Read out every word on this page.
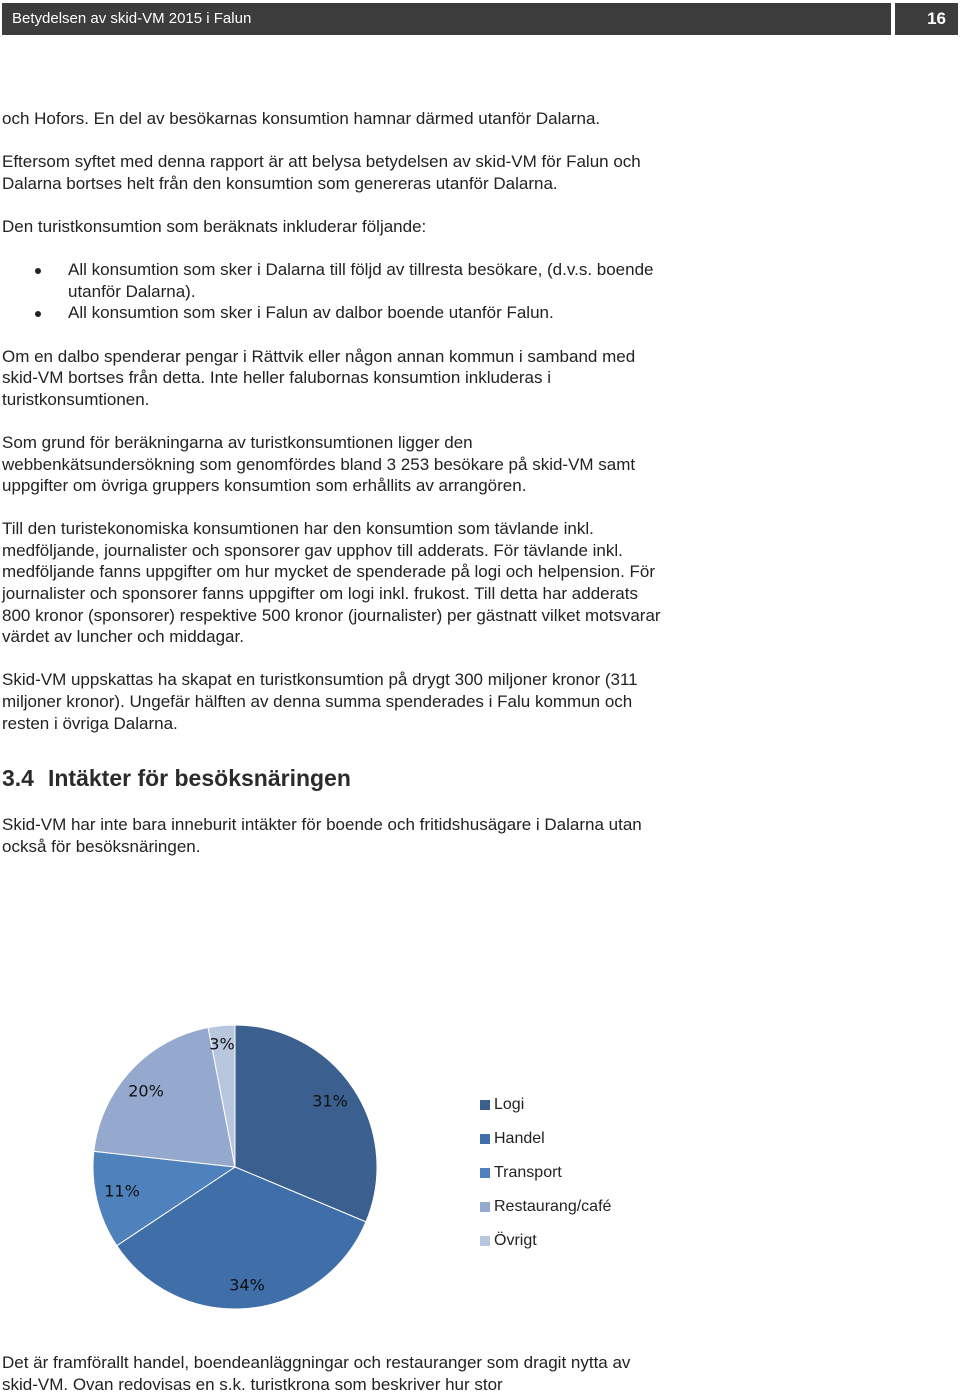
Betydelsen av skid-VM 2015 i Falun	16

och Hofors. En del av besökarnas konsumtion hamnar därmed utanför Dalarna.

Eftersom syftet med denna rapport är att belysa betydelsen av skid-VM för Falun och Dalarna bortses helt från den konsumtion som genereras utanför Dalarna.

Den turistkonsumtion som beräknats inkluderar följande:

All konsumtion som sker i Dalarna till följd av tillresta besökare, (d.v.s. boende utanför Dalarna).
All konsumtion som sker i Falun av dalbor boende utanför Falun.

Om en dalbo spenderar pengar i Rättvik eller någon annan kommun i samband med skid-VM bortses från detta. Inte heller falubornas konsumtion inkluderas i turistkonsumtionen.

Som grund för beräkningarna av turistkonsumtionen ligger den webbenkätsundersökning som genomfördes bland 3 253 besökare på skid-VM samt uppgifter om övriga gruppers konsumtion som erhållits av arrangören.

Till den turistekonomiska konsumtionen har den konsumtion som tävlande inkl. medföljande, journalister och sponsorer gav upphov till adderats. För tävlande inkl. medföljande fanns uppgifter om hur mycket de spenderade på logi och helpension. För journalister och sponsorer fanns uppgifter om logi inkl. frukost. Till detta har adderats 800 kronor (sponsorer) respektive 500 kronor (journalister) per gästnatt vilket motsvarar värdet av luncher och middagar.

Skid-VM uppskattas ha skapat en turistkonsumtion på drygt 300 miljoner kronor (311 miljoner kronor). Ungefär hälften av denna summa spenderades i Falu kommun och resten i övriga Dalarna.

3.4 Intäkter för besöksnäringen

Skid-VM har inte bara inneburit intäkter för boende och fritidshusägare i Dalarna utan också för besöksnäringen.

31%
34%
11%
20%
3%
Logi
Handel
Transport
Restaurang/café
Övrigt
Det är framförallt handel, boendeanläggningar och restauranger som dragit nytta av skid-VM. Ovan redovisas en s.k. turistkrona som beskriver hur stor
